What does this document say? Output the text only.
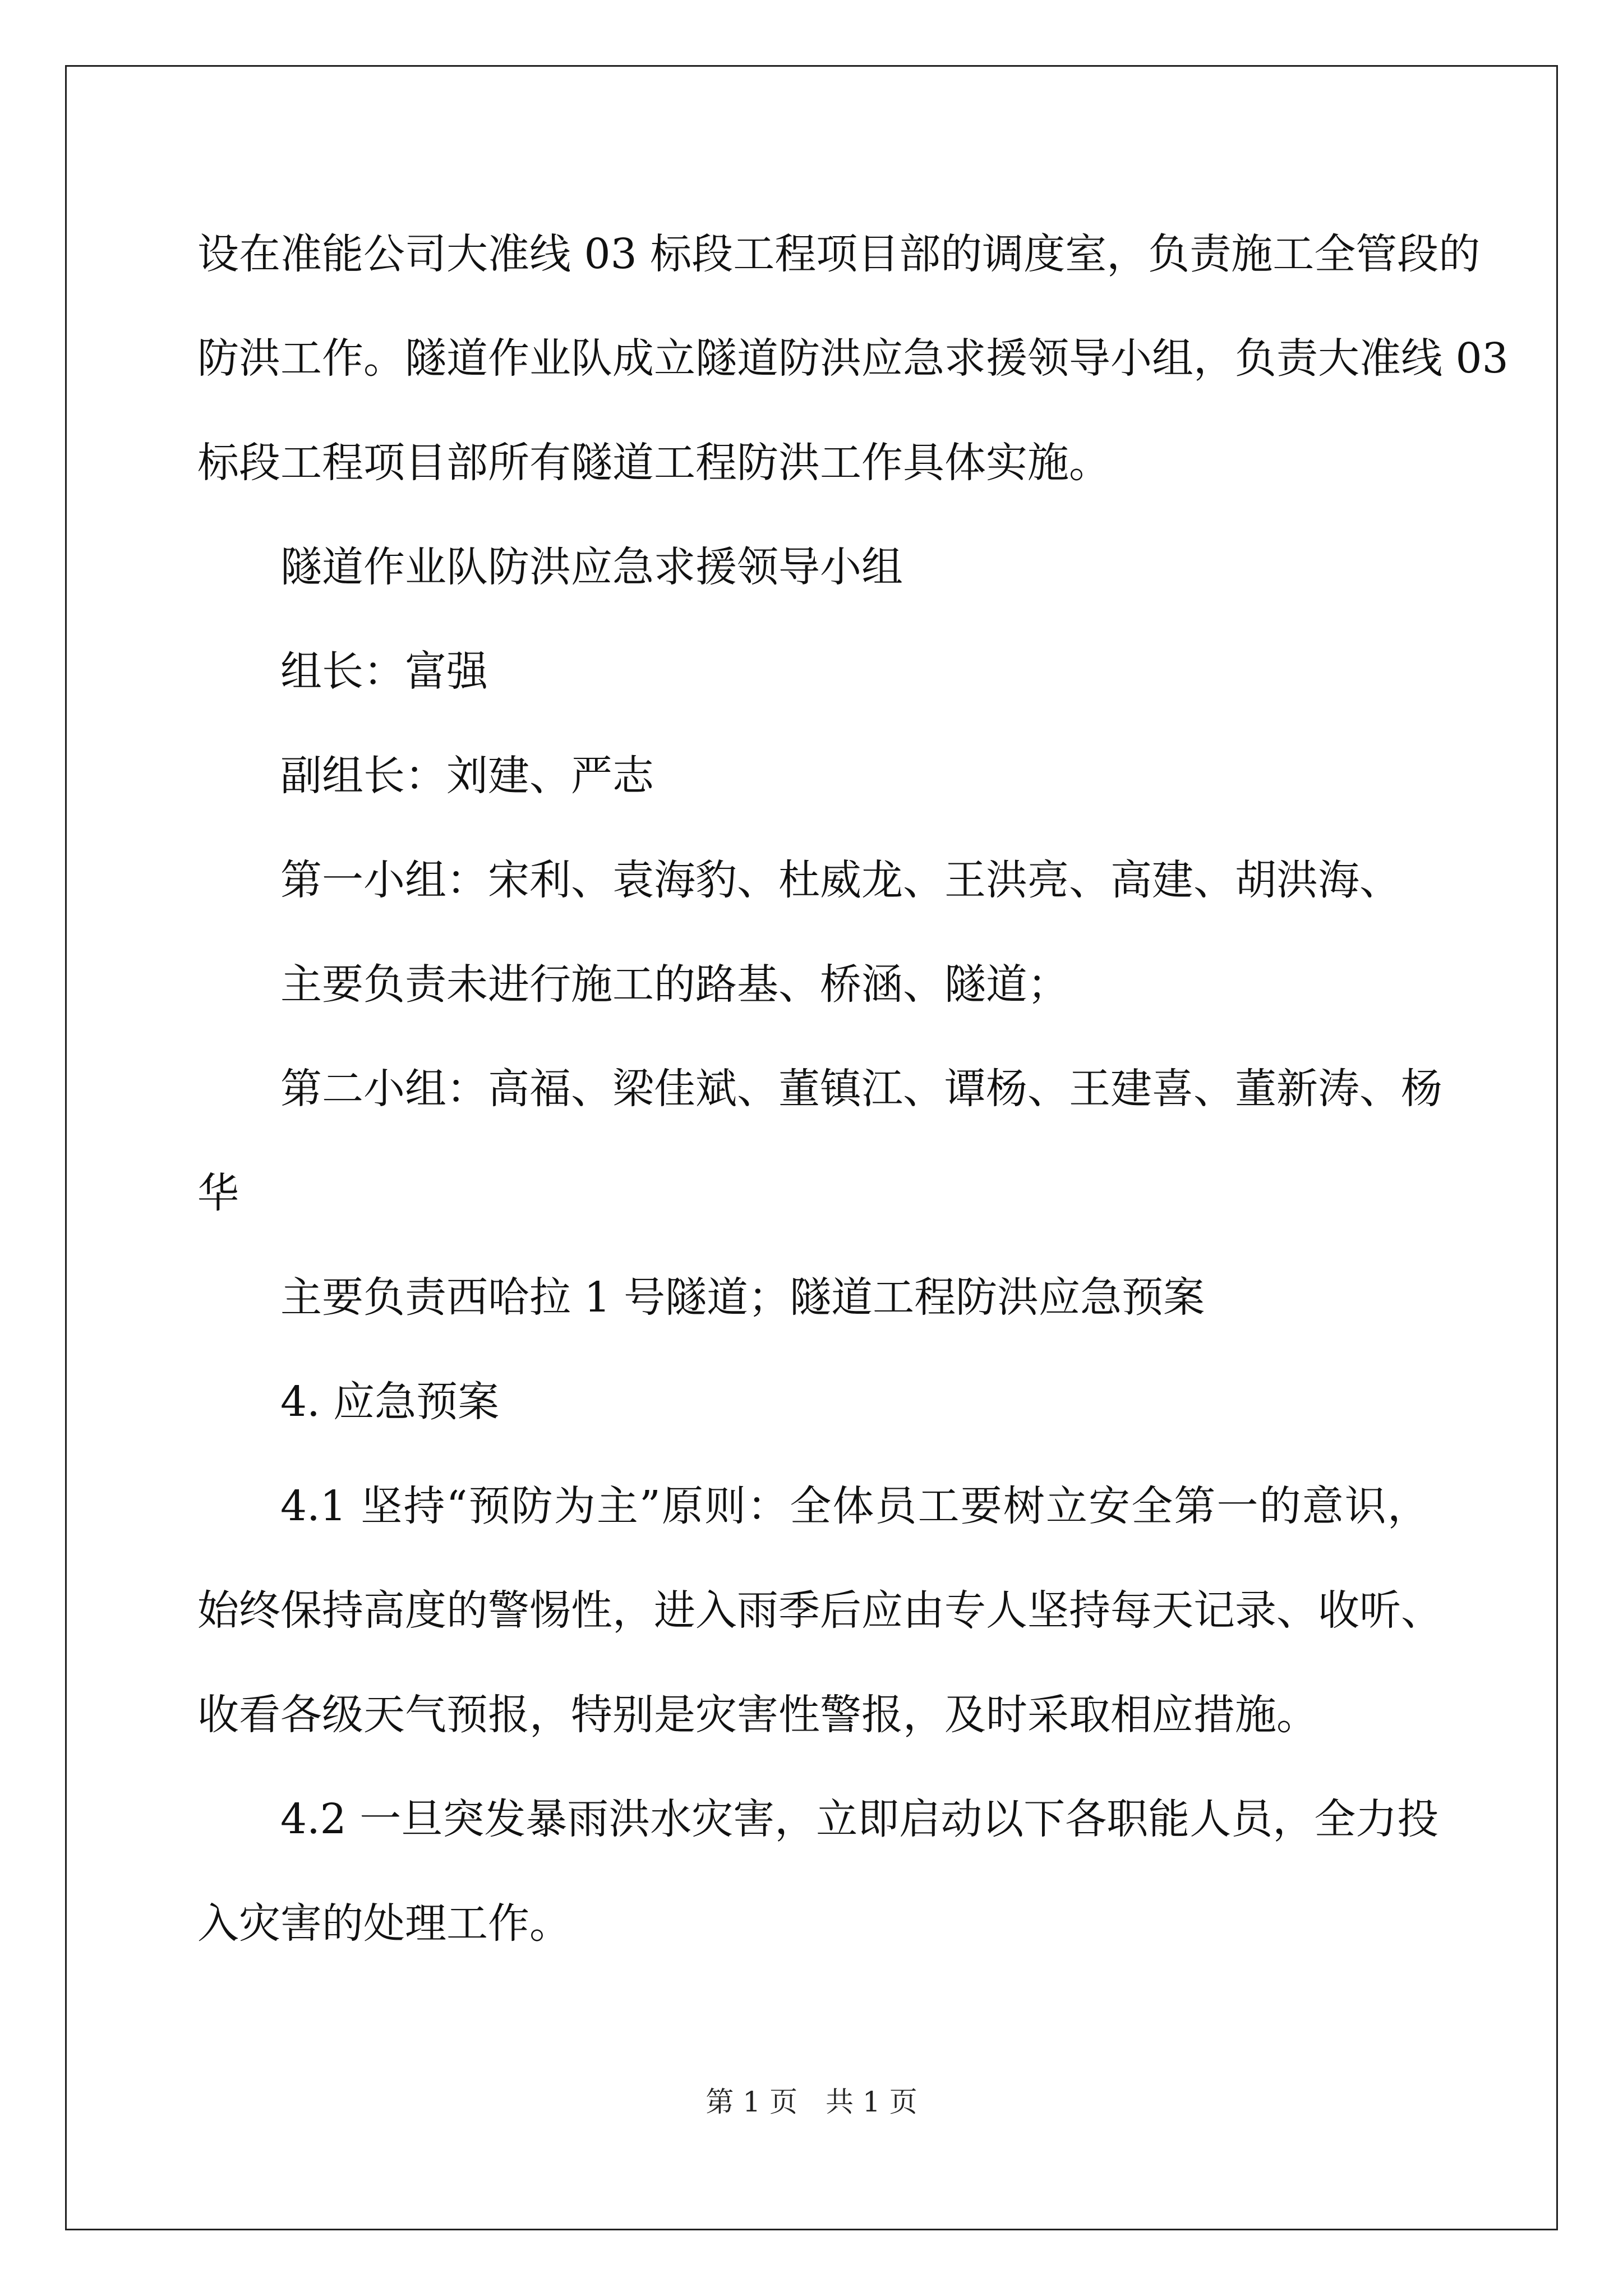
设在准能公司大准线 03 标段工程项目部的调度室，负责施工全管段的
防洪工作。隧道作业队成立隧道防洪应急求援领导小组，负责大准线 03
标段工程项目部所有隧道工程防洪工作具体实施。
隧道作业队防洪应急求援领导小组
组长：富强
副组长：刘建、严志
第一小组：宋利、袁海豹、杜威龙、王洪亮、高建、胡洪海、
主要负责未进行施工的路基、桥涵、隧道；
第二小组：高福、梁佳斌、董镇江、谭杨、王建喜、董新涛、杨
华
主要负责西哈拉 1 号隧道；隧道工程防洪应急预案
4. 应急预案
4.1 坚持“预防为主”原则：全体员工要树立安全第一的意识，
始终保持高度的警惕性，进入雨季后应由专人坚持每天记录、收听、
收看各级天气预报，特别是灾害性警报，及时采取相应措施。
4.2 一旦突发暴雨洪水灾害，立即启动以下各职能人员，全力投
入灾害的处理工作。
第 1 页　共 1 页
